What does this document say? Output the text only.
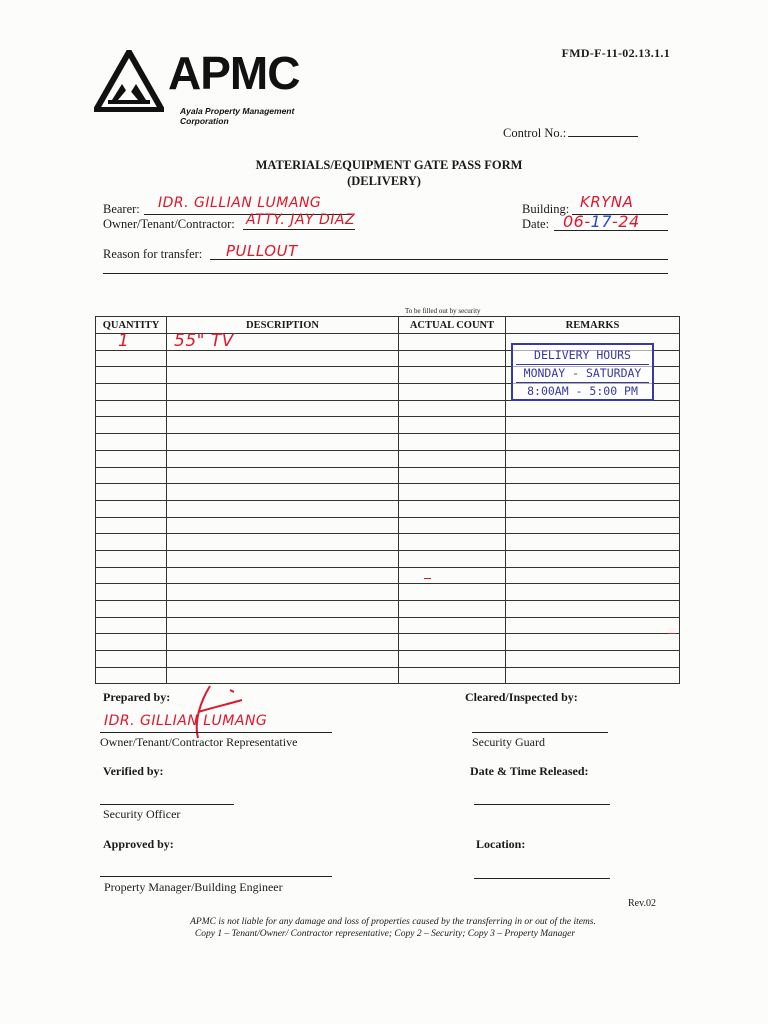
FMD-F-11-02.13.1.1
APMC
Ayala Property Management Corporation
Control No.:
MATERIALS/EQUIPMENT GATE PASS FORM
(DELIVERY)
Bearer: IDR. GILLIAN LUMANG
Owner/Tenant/Contractor: ATTY. JAY DIAZ
Building: KRYNA
Date: 06-17-24
Reason for transfer: PULLOUT
To be filled out by security
QUANTITY	DESCRIPTION	ACTUAL COUNT	REMARKS

1	55" TV
DELIVERY HOURS
MONDAY - SATURDAY
8:00AM - 5:00 PM
Prepared by:
IDR. GILLIAN LUMANG
Owner/Tenant/Contractor Representative
Cleared/Inspected by:
Security Guard
Verified by:
Security Officer
Date & Time Released:
Approved by:
Property Manager/Building Engineer
Location:
Rev.02
APMC is not liable for any damage and loss of properties caused by the transferring in or out of the items.
Copy 1 – Tenant/Owner/ Contractor representative; Copy 2 – Security; Copy 3 – Property Manager
